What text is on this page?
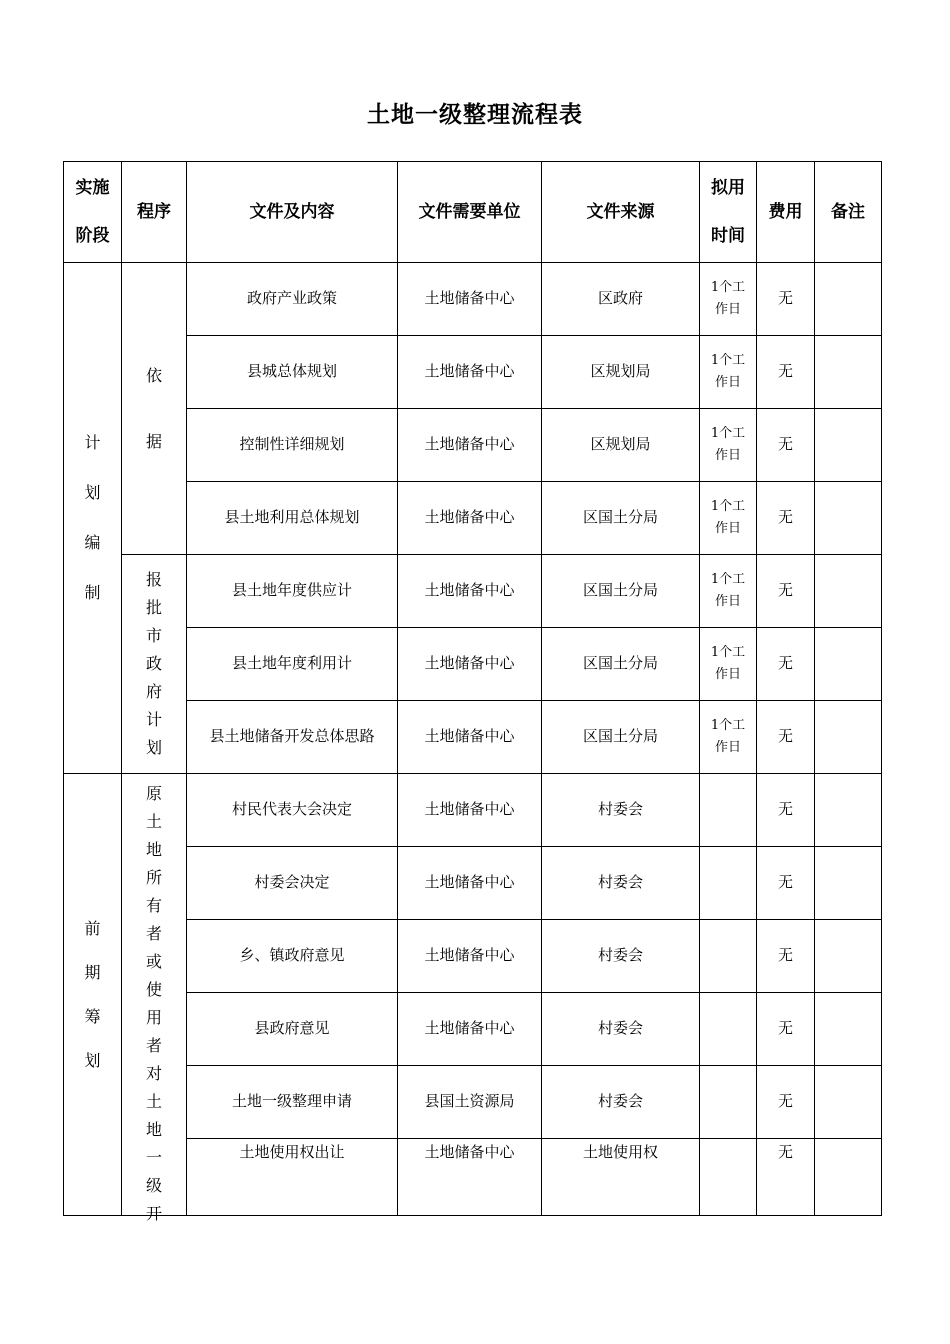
土地一级整理流程表
实施阶段	程序	文件及内容	文件需要单位	文件来源	拟用时间	费用	备注
计划编制	依据	政府产业政策	土地储备中心	区政府	1个工作日	无	
		县城总体规划	土地储备中心	区规划局	1个工作日	无	
		控制性详细规划	土地储备中心	区规划局	1个工作日	无	
		县土地利用总体规划	土地储备中心	区国土分局	1个工作日	无	
	报批市政府计划	县土地年度供应计	土地储备中心	区国土分局	1个工作日	无	
		县土地年度利用计	土地储备中心	区国土分局	1个工作日	无	
		县土地储备开发总体思路	土地储备中心	区国土分局	1个工作日	无	
前期筹划	原土地所有者或使用者对土地一级开	村民代表大会决定	土地储备中心	村委会		无	
		村委会决定	土地储备中心	村委会		无	
		乡、镇政府意见	土地储备中心	村委会		无	
		县政府意见	土地储备中心	村委会		无	
		土地一级整理申请	县国土资源局	村委会		无	
		土地使用权出让	土地储备中心	土地使用权		无	
